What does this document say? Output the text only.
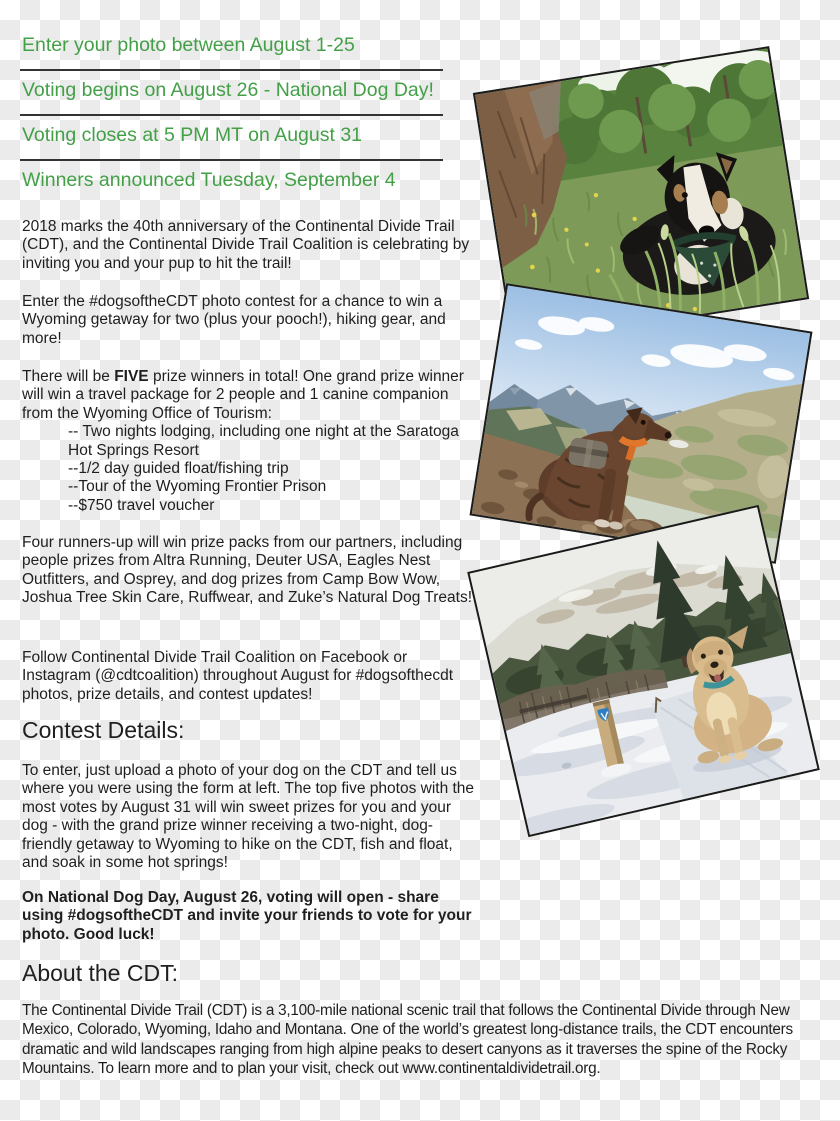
Enter your photo between August 1-25
Voting begins on August 26 - National Dog Day!
Voting closes at 5 PM MT on August 31
Winners announced Tuesday, September 4
2018 marks the 40th anniversary of the Continental Divide Trail (CDT), and the Continental Divide Trail Coalition is celebrating by inviting you and your pup to hit the trail!
Enter the #dogsoftheCDT photo contest for a chance to win a Wyoming getaway for two (plus your pooch!), hiking gear, and more!
There will be FIVE prize winners in total! One grand prize winner will win a travel package for 2 people and 1 canine companion from the Wyoming Office of Tourism:
-- Two nights lodging, including one night at the Saratoga Hot Springs Resort
--1/2 day guided float/fishing trip
--Tour of the Wyoming Frontier Prison
--$750 travel voucher
Four runners-up will win prize packs from our partners, including people prizes from Altra Running, Deuter USA, Eagles Nest Outfitters, and Osprey, and dog prizes from Camp Bow Wow, Joshua Tree Skin Care, Ruffwear, and Zuke’s Natural Dog Treats!
Follow Continental Divide Trail Coalition on Facebook or Instagram (@cdtcoalition) throughout August for #dogsofthecdt photos, prize details, and contest updates!
Contest Details:
To enter, just upload a photo of your dog on the CDT and tell us where you were using the form at left. The top five photos with the most votes by August 31 will win sweet prizes for you and your dog - with the grand prize winner receiving a two-night, dog-friendly getaway to Wyoming to hike on the CDT, fish and float, and soak in some hot springs!
On National Dog Day, August 26, voting will open - share using #dogsoftheCDT and invite your friends to vote for your photo. Good luck!
About the CDT:
The Continental Divide Trail (CDT) is a 3,100-mile national scenic trail that follows the Continental Divide through New Mexico, Colorado, Wyoming, Idaho and Montana. One of the world’s greatest long-distance trails, the CDT encounters dramatic and wild landscapes ranging from high alpine peaks to desert canyons as it traverses the spine of the Rocky Mountains. To learn more and to plan your visit, check out www.continentaldividetrail.org.
